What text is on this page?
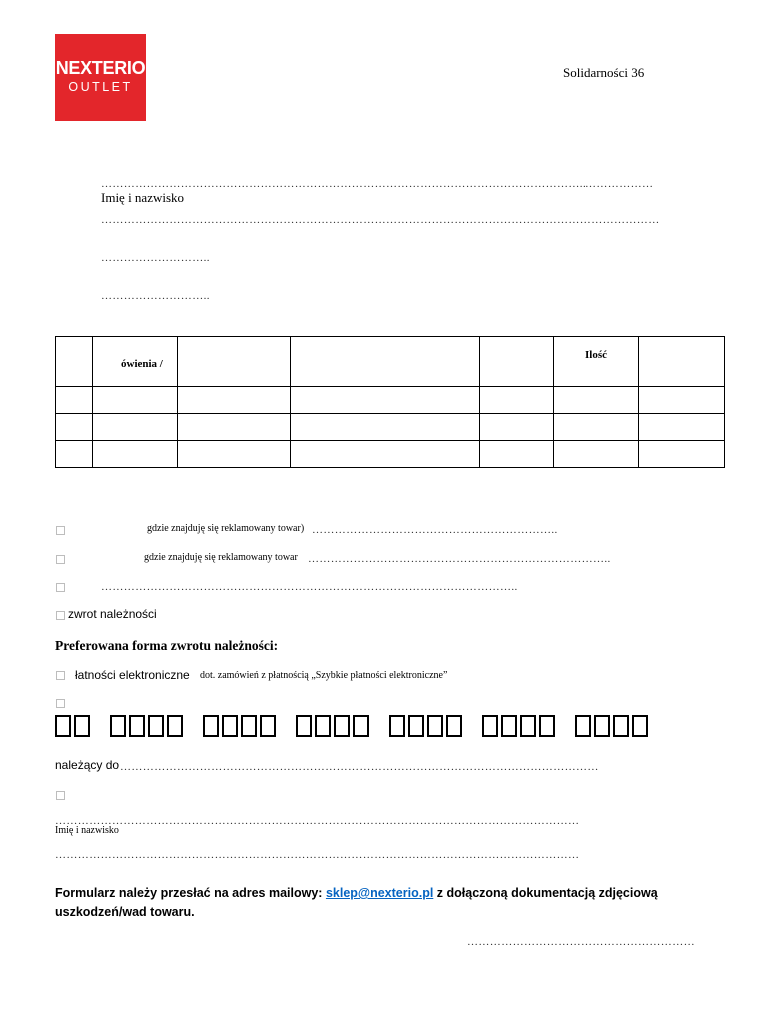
NEXTERIO
OUTLET
Solidarności 36
………………………………………………………………………………………………………………..
………………
Imię i nazwisko
…………………………………………………………………………………………………………………………………
………………………..
………………………..
	ówienia /				Ilość	

gdzie znajduję się reklamowany towar) ………………………………………………………..
gdzie znajduję się reklamowany towar ……………………………………………………………………..
………………………………………………………………………………………………..
zwrot należności
Preferowana forma zwrotu należności:
łatności elektroniczne dot. zamówień z płatnością „Szybkie płatności elektroniczne”
należący do ………………………………………………………………………………………………………………
…………………………………………………………………………………………………………………………
Imię i nazwisko
…………………………………………………………………………………………………………………………
Formularz należy przesłać na adres mailowy: sklep@nexterio.pl z dołączoną dokumentacją zdjęciową uszkodzeń/wad towaru.
……………………………………………………
